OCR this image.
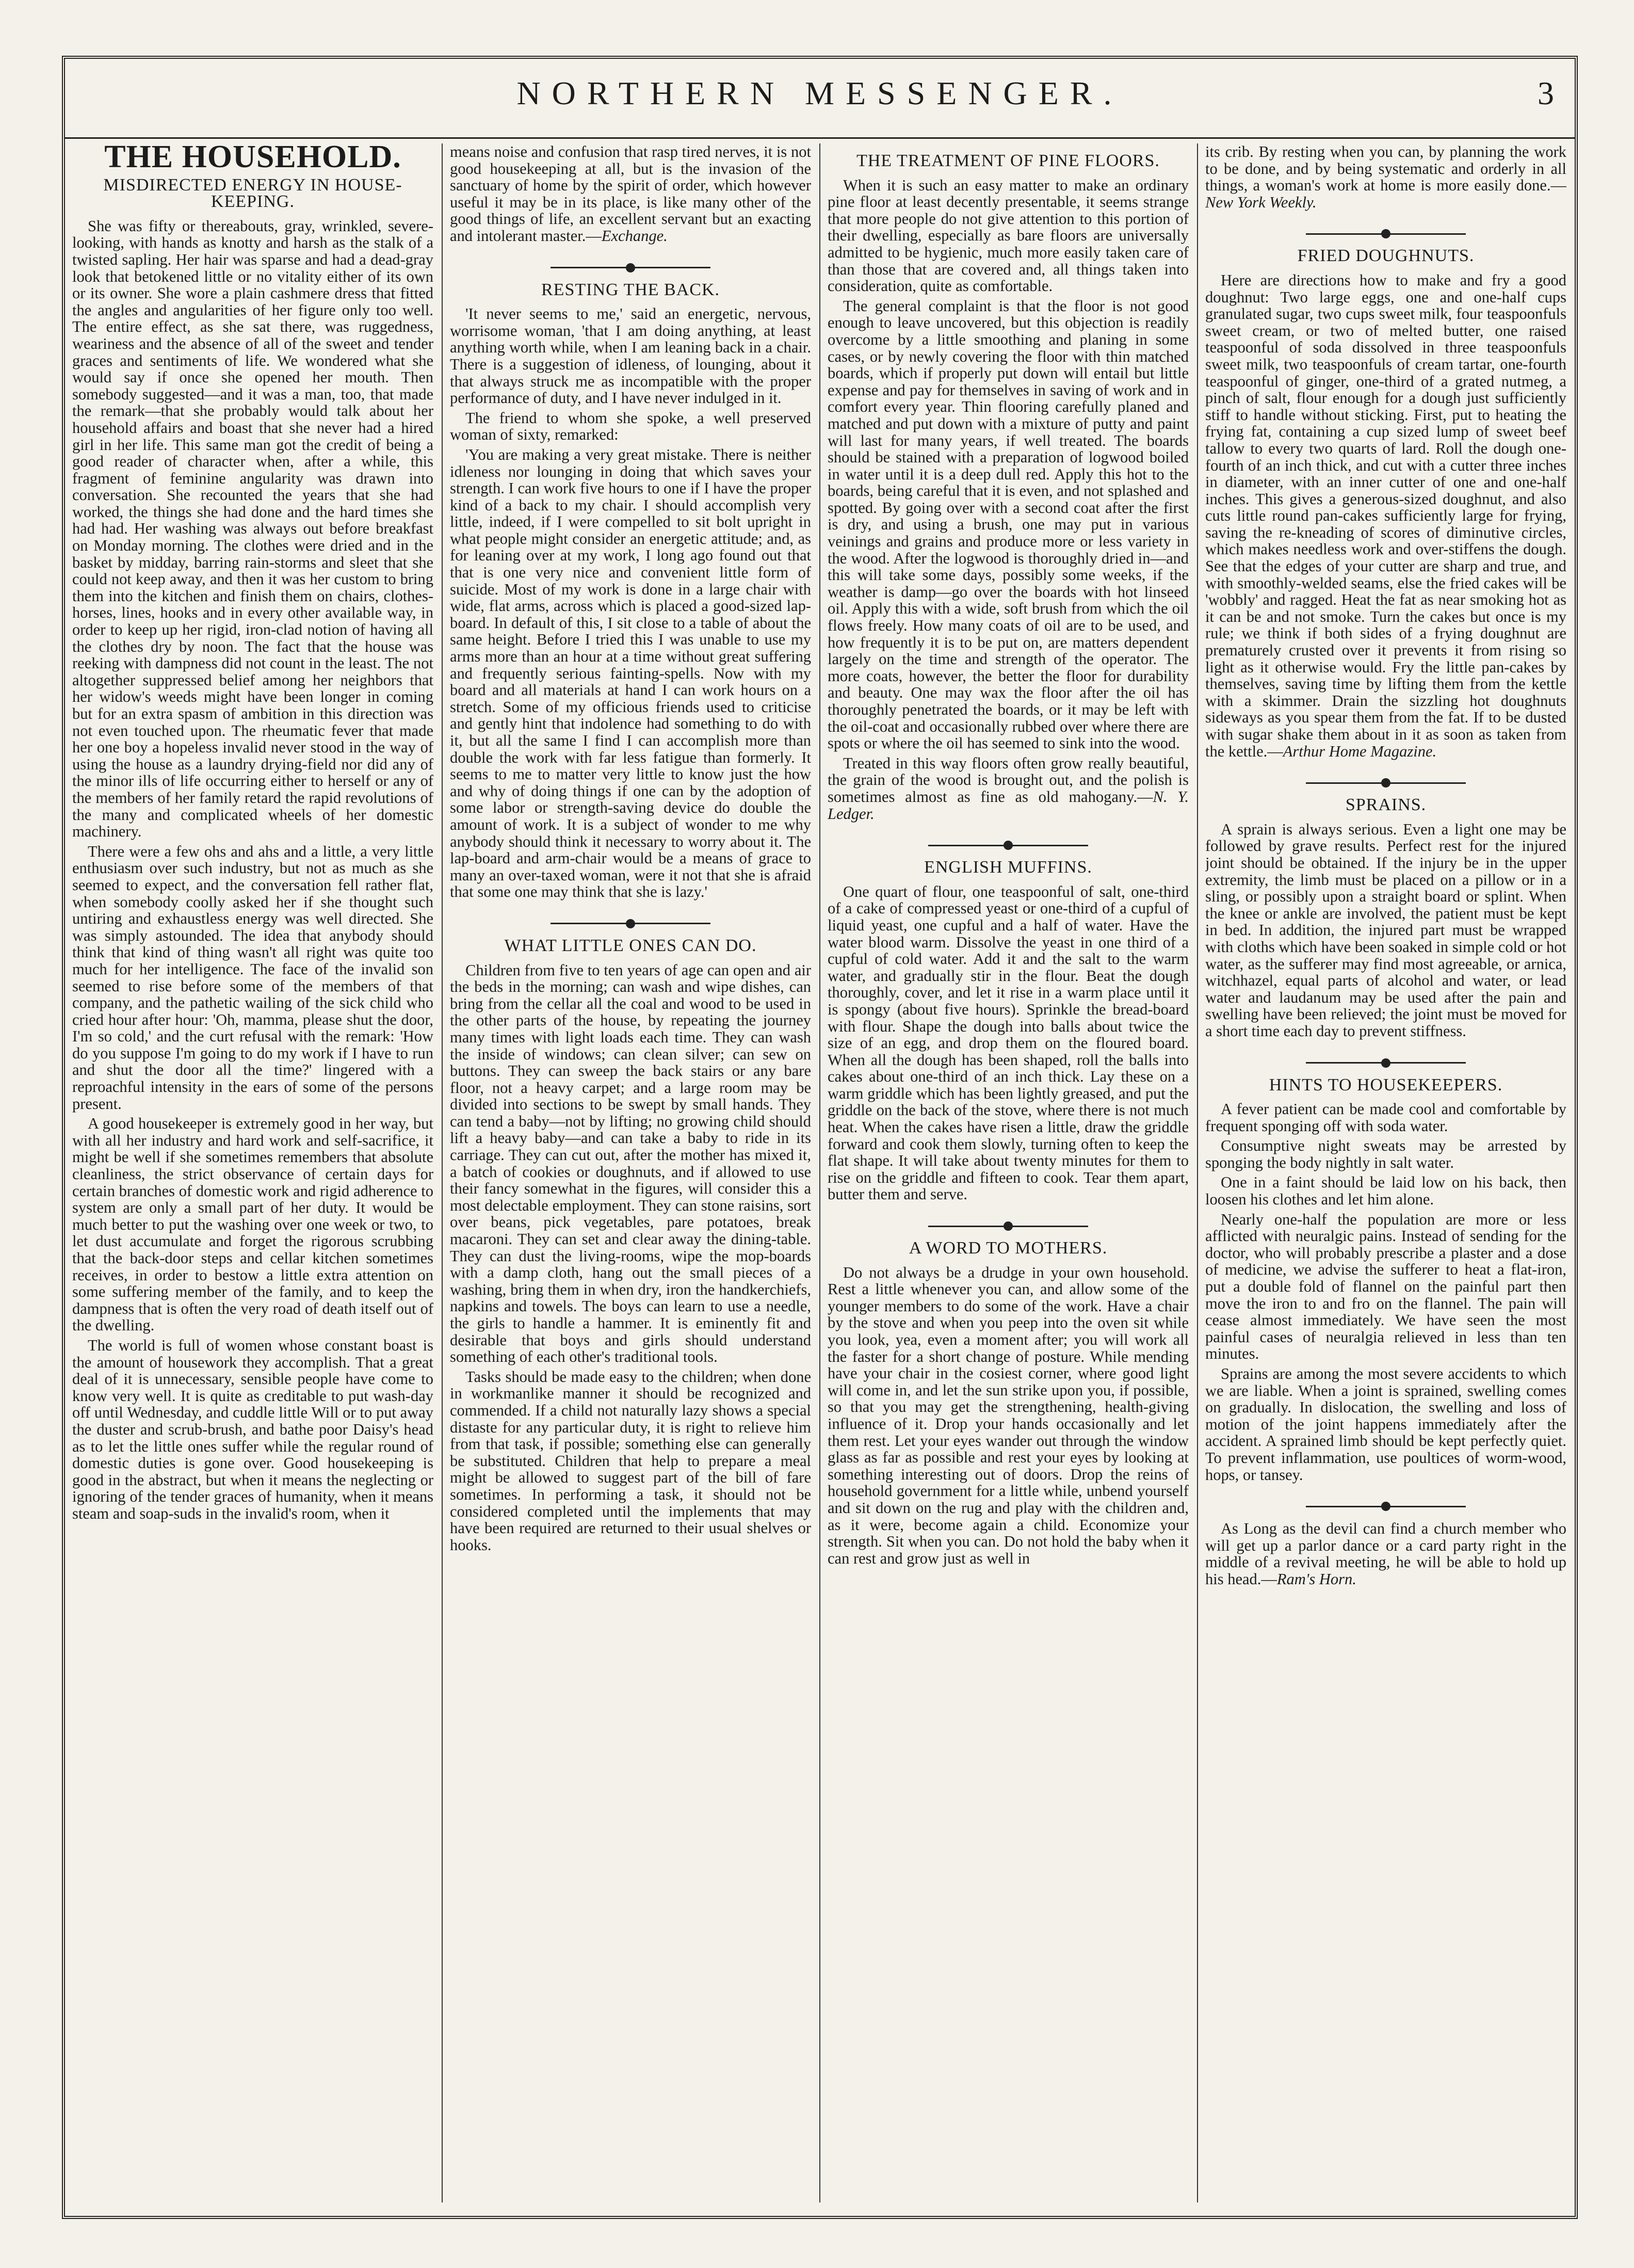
NORTHERN MESSENGER.	3
THE HOUSEHOLD.
MISDIRECTED ENERGY IN HOUSE-KEEPING.

She was fifty or thereabouts, gray, wrinkled, severe-looking, with hands as knotty and harsh as the stalk of a twisted sapling. Her hair was sparse and had a dead-gray look that betokened little or no vitality either of its own or its owner. She wore a plain cashmere dress that fitted the angles and angularities of her figure only too well. The entire effect, as she sat there, was ruggedness, weariness and the absence of all of the sweet and tender graces and sentiments of life. We wondered what she would say if once she opened her mouth. Then somebody suggested—and it was a man, too, that made the remark—that she probably would talk about her household affairs and boast that she never had a hired girl in her life. This same man got the credit of being a good reader of character when, after a while, this fragment of feminine angularity was drawn into conversation. She recounted the years that she had worked, the things she had done and the hard times she had had. Her washing was always out before breakfast on Monday morning. The clothes were dried and in the basket by midday, barring rain-storms and sleet that she could not keep away, and then it was her custom to bring them into the kitchen and finish them on chairs, clothes-horses, lines, hooks and in every other available way, in order to keep up her rigid, iron-clad notion of having all the clothes dry by noon. The fact that the house was reeking with dampness did not count in the least. The not altogether suppressed belief among her neighbors that her widow's weeds might have been longer in coming but for an extra spasm of ambition in this direction was not even touched upon. The rheumatic fever that made her one boy a hopeless invalid never stood in the way of using the house as a laundry drying-field nor did any of the minor ills of life occurring either to herself or any of the members of her family retard the rapid revolutions of the many and complicated wheels of her domestic machinery.

There were a few ohs and ahs and a little, a very little enthusiasm over such industry, but not as much as she seemed to expect, and the conversation fell rather flat, when somebody coolly asked her if she thought such untiring and exhaustless energy was well directed. She was simply astounded. The idea that anybody should think that kind of thing wasn't all right was quite too much for her intelligence. The face of the invalid son seemed to rise before some of the members of that company, and the pathetic wailing of the sick child who cried hour after hour: 'Oh, mamma, please shut the door, I'm so cold,' and the curt refusal with the remark: 'How do you suppose I'm going to do my work if I have to run and shut the door all the time?' lingered with a reproachful intensity in the ears of some of the persons present.

A good housekeeper is extremely good in her way, but with all her industry and hard work and self-sacrifice, it might be well if she sometimes remembers that absolute cleanliness, the strict observance of certain days for certain branches of domestic work and rigid adherence to system are only a small part of her duty. It would be much better to put the washing over one week or two, to let dust accumulate and forget the rigorous scrubbing that the back-door steps and cellar kitchen sometimes receives, in order to bestow a little extra attention on some suffering member of the family, and to keep the dampness that is often the very road of death itself out of the dwelling.

The world is full of women whose constant boast is the amount of housework they accomplish. That a great deal of it is unnecessary, sensible people have come to know very well. It is quite as creditable to put wash-day off until Wednesday, and cuddle little Will or to put away the duster and scrub-brush, and bathe poor Daisy's head as to let the little ones suffer while the regular round of domestic duties is gone over. Good housekeeping is good in the abstract, but when it means the neglecting or ignoring of the tender graces of humanity, when it means steam and soap-suds in the invalid's room, when it

means noise and confusion that rasp tired nerves, it is not good housekeeping at all, but is the invasion of the sanctuary of home by the spirit of order, which however useful it may be in its place, is like many other of the good things of life, an excellent servant but an exacting and intolerant master.—Exchange.

RESTING THE BACK.

'It never seems to me,' said an energetic, nervous, worrisome woman, 'that I am doing anything, at least anything worth while, when I am leaning back in a chair. There is a suggestion of idleness, of lounging, about it that always struck me as incompatible with the proper performance of duty, and I have never indulged in it.

The friend to whom she spoke, a well preserved woman of sixty, remarked:

'You are making a very great mistake. There is neither idleness nor lounging in doing that which saves your strength. I can work five hours to one if I have the proper kind of a back to my chair. I should accomplish very little, indeed, if I were compelled to sit bolt upright in what people might consider an energetic attitude; and, as for leaning over at my work, I long ago found out that that is one very nice and convenient little form of suicide. Most of my work is done in a large chair with wide, flat arms, across which is placed a good-sized lap-board. In default of this, I sit close to a table of about the same height. Before I tried this I was unable to use my arms more than an hour at a time without great suffering and frequently serious fainting-spells. Now with my board and all materials at hand I can work hours on a stretch. Some of my officious friends used to criticise and gently hint that indolence had something to do with it, but all the same I find I can accomplish more than double the work with far less fatigue than formerly. It seems to me to matter very little to know just the how and why of doing things if one can by the adoption of some labor or strength-saving device do double the amount of work. It is a subject of wonder to me why anybody should think it necessary to worry about it. The lap-board and arm-chair would be a means of grace to many an over-taxed woman, were it not that she is afraid that some one may think that she is lazy.'

WHAT LITTLE ONES CAN DO.

Children from five to ten years of age can open and air the beds in the morning; can wash and wipe dishes, can bring from the cellar all the coal and wood to be used in the other parts of the house, by repeating the journey many times with light loads each time. They can wash the inside of windows; can clean silver; can sew on buttons. They can sweep the back stairs or any bare floor, not a heavy carpet; and a large room may be divided into sections to be swept by small hands. They can tend a baby—not by lifting; no growing child should lift a heavy baby—and can take a baby to ride in its carriage. They can cut out, after the mother has mixed it, a batch of cookies or doughnuts, and if allowed to use their fancy somewhat in the figures, will consider this a most delectable employment. They can stone raisins, sort over beans, pick vegetables, pare potatoes, break macaroni. They can set and clear away the dining-table. They can dust the living-rooms, wipe the mop-boards with a damp cloth, hang out the small pieces of a washing, bring them in when dry, iron the handkerchiefs, napkins and towels. The boys can learn to use a needle, the girls to handle a hammer. It is eminently fit and desirable that boys and girls should understand something of each other's traditional tools.

Tasks should be made easy to the children; when done in workmanlike manner it should be recognized and commended. If a child not naturally lazy shows a special distaste for any particular duty, it is right to relieve him from that task, if possible; something else can generally be substituted. Children that help to prepare a meal might be allowed to suggest part of the bill of fare sometimes. In performing a task, it should not be considered completed until the implements that may have been required are returned to their usual shelves or hooks.

THE TREATMENT OF PINE FLOORS.

When it is such an easy matter to make an ordinary pine floor at least decently presentable, it seems strange that more people do not give attention to this portion of their dwelling, especially as bare floors are universally admitted to be hygienic, much more easily taken care of than those that are covered and, all things taken into consideration, quite as comfortable.

The general complaint is that the floor is not good enough to leave uncovered, but this objection is readily overcome by a little smoothing and planing in some cases, or by newly covering the floor with thin matched boards, which if properly put down will entail but little expense and pay for themselves in saving of work and in comfort every year. Thin flooring carefully planed and matched and put down with a mixture of putty and paint will last for many years, if well treated. The boards should be stained with a preparation of logwood boiled in water until it is a deep dull red. Apply this hot to the boards, being careful that it is even, and not splashed and spotted. By going over with a second coat after the first is dry, and using a brush, one may put in various veinings and grains and produce more or less variety in the wood. After the logwood is thoroughly dried in—and this will take some days, possibly some weeks, if the weather is damp—go over the boards with hot linseed oil. Apply this with a wide, soft brush from which the oil flows freely. How many coats of oil are to be used, and how frequently it is to be put on, are matters dependent largely on the time and strength of the operator. The more coats, however, the better the floor for durability and beauty. One may wax the floor after the oil has thoroughly penetrated the boards, or it may be left with the oil-coat and occasionally rubbed over where there are spots or where the oil has seemed to sink into the wood.

Treated in this way floors often grow really beautiful, the grain of the wood is brought out, and the polish is sometimes almost as fine as old mahogany.—N. Y. Ledger.

ENGLISH MUFFINS.

One quart of flour, one teaspoonful of salt, one-third of a cake of compressed yeast or one-third of a cupful of liquid yeast, one cupful and a half of water. Have the water blood warm. Dissolve the yeast in one third of a cupful of cold water. Add it and the salt to the warm water, and gradually stir in the flour. Beat the dough thoroughly, cover, and let it rise in a warm place until it is spongy (about five hours). Sprinkle the bread-board with flour. Shape the dough into balls about twice the size of an egg, and drop them on the floured board. When all the dough has been shaped, roll the balls into cakes about one-third of an inch thick. Lay these on a warm griddle which has been lightly greased, and put the griddle on the back of the stove, where there is not much heat. When the cakes have risen a little, draw the griddle forward and cook them slowly, turning often to keep the flat shape. It will take about twenty minutes for them to rise on the griddle and fifteen to cook. Tear them apart, butter them and serve.

A WORD TO MOTHERS.

Do not always be a drudge in your own household. Rest a little whenever you can, and allow some of the younger members to do some of the work. Have a chair by the stove and when you peep into the oven sit while you look, yea, even a moment after; you will work all the faster for a short change of posture. While mending have your chair in the cosiest corner, where good light will come in, and let the sun strike upon you, if possible, so that you may get the strengthening, health-giving influence of it. Drop your hands occasionally and let them rest. Let your eyes wander out through the window glass as far as possible and rest your eyes by looking at something interesting out of doors. Drop the reins of household government for a little while, unbend yourself and sit down on the rug and play with the children and, as it were, become again a child. Economize your strength. Sit when you can. Do not hold the baby when it can rest and grow just as well in

its crib. By resting when you can, by planning the work to be done, and by being systematic and orderly in all things, a woman's work at home is more easily done.—New York Weekly.

FRIED DOUGHNUTS.

Here are directions how to make and fry a good doughnut: Two large eggs, one and one-half cups granulated sugar, two cups sweet milk, four teaspoonfuls sweet cream, or two of melted butter, one raised teaspoonful of soda dissolved in three teaspoonfuls sweet milk, two teaspoonfuls of cream tartar, one-fourth teaspoonful of ginger, one-third of a grated nutmeg, a pinch of salt, flour enough for a dough just sufficiently stiff to handle without sticking. First, put to heating the frying fat, containing a cup sized lump of sweet beef tallow to every two quarts of lard. Roll the dough one-fourth of an inch thick, and cut with a cutter three inches in diameter, with an inner cutter of one and one-half inches. This gives a generous-sized doughnut, and also cuts little round pan-cakes sufficiently large for frying, saving the re-kneading of scores of diminutive circles, which makes needless work and over-stiffens the dough. See that the edges of your cutter are sharp and true, and with smoothly-welded seams, else the fried cakes will be 'wobbly' and ragged. Heat the fat as near smoking hot as it can be and not smoke. Turn the cakes but once is my rule; we think if both sides of a frying doughnut are prematurely crusted over it prevents it from rising so light as it otherwise would. Fry the little pan-cakes by themselves, saving time by lifting them from the kettle with a skimmer. Drain the sizzling hot doughnuts sideways as you spear them from the fat. If to be dusted with sugar shake them about in it as soon as taken from the kettle.—Arthur Home Magazine.

SPRAINS.

A sprain is always serious. Even a light one may be followed by grave results. Perfect rest for the injured joint should be obtained. If the injury be in the upper extremity, the limb must be placed on a pillow or in a sling, or possibly upon a straight board or splint. When the knee or ankle are involved, the patient must be kept in bed. In addition, the injured part must be wrapped with cloths which have been soaked in simple cold or hot water, as the sufferer may find most agreeable, or arnica, witchhazel, equal parts of alcohol and water, or lead water and laudanum may be used after the pain and swelling have been relieved; the joint must be moved for a short time each day to prevent stiffness.

HINTS TO HOUSEKEEPERS.

A fever patient can be made cool and comfortable by frequent sponging off with soda water.

Consumptive night sweats may be arrested by sponging the body nightly in salt water.

One in a faint should be laid low on his back, then loosen his clothes and let him alone.

Nearly one-half the population are more or less afflicted with neuralgic pains. Instead of sending for the doctor, who will probably prescribe a plaster and a dose of medicine, we advise the sufferer to heat a flat-iron, put a double fold of flannel on the painful part then move the iron to and fro on the flannel. The pain will cease almost immediately. We have seen the most painful cases of neuralgia relieved in less than ten minutes.

Sprains are among the most severe accidents to which we are liable. When a joint is sprained, swelling comes on gradually. In dislocation, the swelling and loss of motion of the joint happens immediately after the accident. A sprained limb should be kept perfectly quiet. To prevent inflammation, use poultices of worm-wood, hops, or tansey.

As Long as the devil can find a church member who will get up a parlor dance or a card party right in the middle of a revival meeting, he will be able to hold up his head.—Ram's Horn.
